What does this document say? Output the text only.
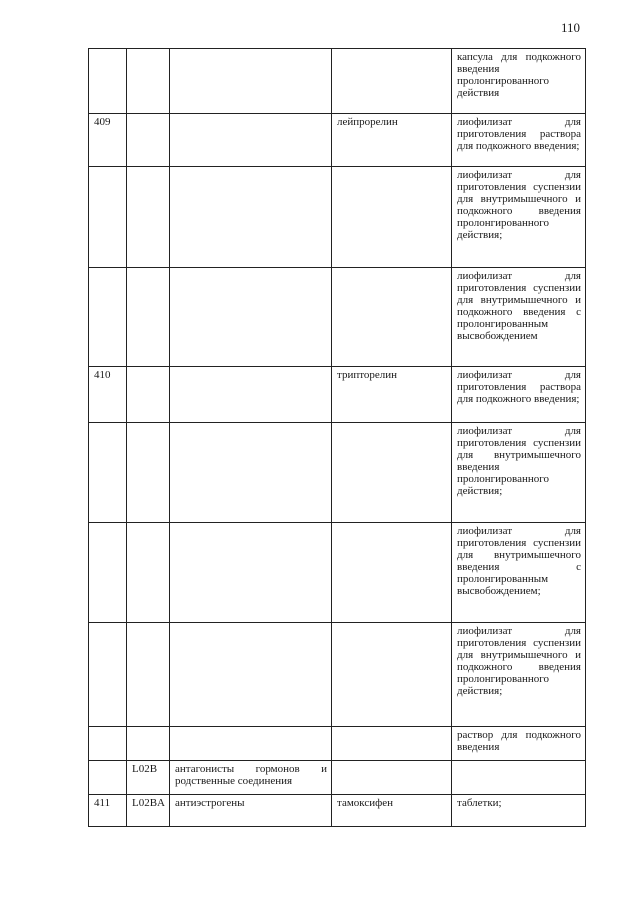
110
				капсула для подкожного введения пролонгированного действия
409			лейпрорелин	лиофилизат для приготовления раствора для подкожного введения;
				лиофилизат для приготовления суспензии для внутримышечного и подкожного введения пролонгированного действия;
				лиофилизат для приготовления суспензии для внутримышечного и подкожного введения с пролонгированным высвобождением
410			трипторелин	лиофилизат для приготовления раствора для подкожного введения;
				лиофилизат для приготовления суспензии для внутримышечного введения пролонгированного действия;
				лиофилизат для приготовления суспензии для внутримышечного введения с пролонгированным высвобождением;
				лиофилизат для приготовления суспензии для внутримышечного и подкожного введения пролонгированного действия;
				раствор для подкожного введения
	L02B	антагонисты гормонов и родственные соединения		
411	L02BA	антиэстрогены	тамоксифен	таблетки;
